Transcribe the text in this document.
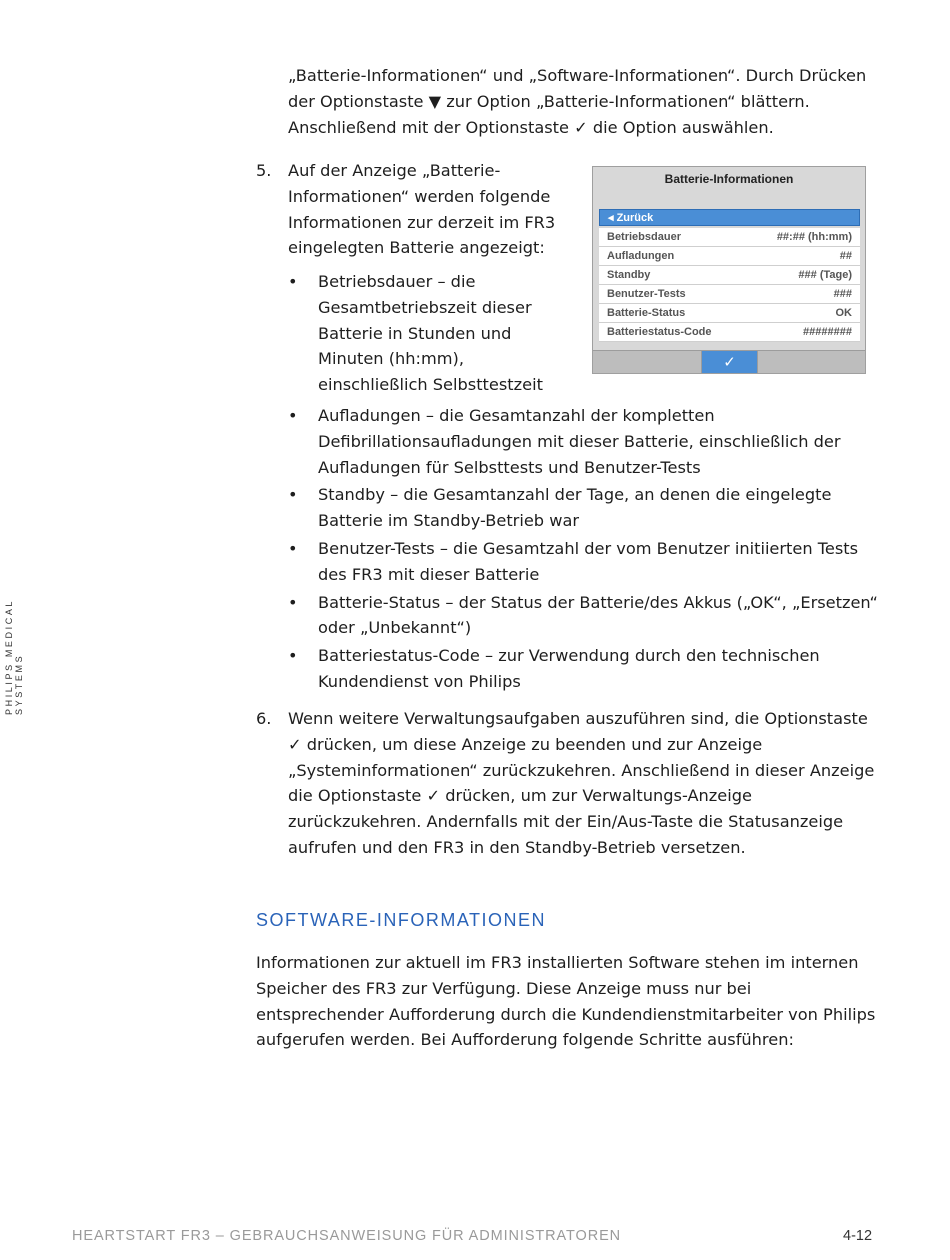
PHILIPS MEDICAL SYSTEMS

„Batterie-Informationen“ und „Software-Informationen“. Durch Drücken der Optionstaste ▼ zur Option „Batterie-Informationen“ blättern. Anschließend mit der Optionstaste ✓ die Option auswählen.

5.	Auf der Anzeige „Batterie-Informationen“ werden folgende Informationen zur derzeit im FR3 eingelegten Batterie angezeigt:
• Betriebsdauer – die Gesamtbetriebszeit dieser Batterie in Stunden und Minuten (hh:mm), einschließlich Selbsttestzeit
Batterie-Informationen
◂ Zurück
Betriebsdauer	##:## (hh:mm)
Aufladungen	##
Standby	### (Tage)
Benutzer-Tests	###
Batterie-Status	OK
Batteriestatus-Code	########
✓
• Aufladungen – die Gesamtanzahl der kompletten Defibrillationsaufladungen mit dieser Batterie, einschließlich der Aufladungen für Selbsttests und Benutzer-Tests
• Standby – die Gesamtanzahl der Tage, an denen die eingelegte Batterie im Standby-Betrieb war
• Benutzer-Tests – die Gesamtzahl der vom Benutzer initiierten Tests des FR3 mit dieser Batterie
• Batterie-Status – der Status der Batterie/des Akkus („OK“, „Ersetzen“ oder „Unbekannt“)
• Batteriestatus-Code – zur Verwendung durch den technischen Kundendienst von Philips
6.	Wenn weitere Verwaltungsaufgaben auszuführen sind, die Optionstaste ✓ drücken, um diese Anzeige zu beenden und zur Anzeige „Systeminformationen“ zurückzukehren. Anschließend in dieser Anzeige die Optionstaste ✓ drücken, um zur Verwaltungs-Anzeige zurückzukehren. Andernfalls mit der Ein/Aus-Taste die Statusanzeige aufrufen und den FR3 in den Standby-Betrieb versetzen.
SOFTWARE-INFORMATIONEN

Informationen zur aktuell im FR3 installierten Software stehen im internen Speicher des FR3 zur Verfügung. Diese Anzeige muss nur bei entsprechender Aufforderung durch die Kundendienstmitarbeiter von Philips aufgerufen werden. Bei Aufforderung folgende Schritte ausführen:

HEARTSTART FR3 – GEBRAUCHSANWEISUNG FÜR ADMINISTRATOREN	4-12
